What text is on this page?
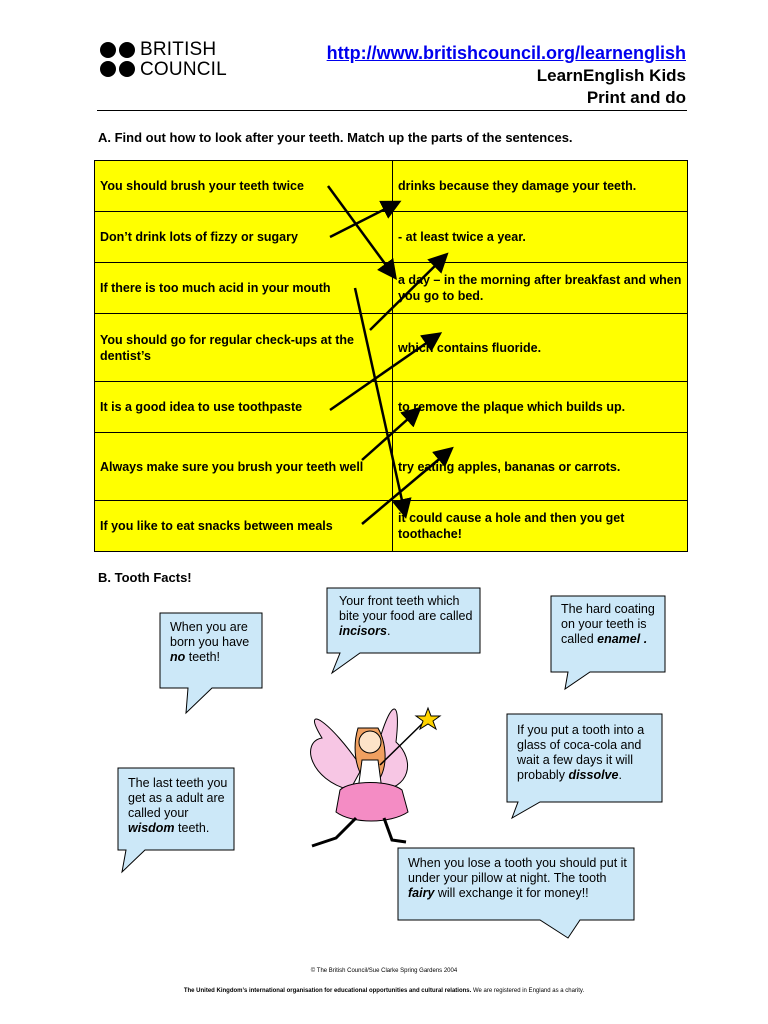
BRITISH
COUNCIL
http://www.britishcouncil.org/learnenglish
LearnEnglish Kids
Print and do
A. Find out how to look after your teeth. Match up the parts of the sentences.
You should brush your teeth twice	drinks because they damage your teeth.
Don’t drink lots of fizzy or sugary	- at least twice a year.
If there is too much acid in your mouth	a day – in the morning after breakfast and when you go to bed.
You should go for regular check-ups at the dentist’s	which contains fluoride.
It is a good idea to use toothpaste	to remove the plaque which builds up.
Always make sure you brush your teeth well	try eating apples, bananas or carrots.
If you like to eat snacks between meals	it could cause a hole and then you get toothache!
B. Tooth Facts!
When you are born you have no teeth!
Your front teeth which bite your food are called incisors.
The hard coating on your teeth is called enamel .
If you put a tooth into a glass of coca-cola and wait a few days it will probably dissolve.
The last teeth you get as a adult are called your wisdom teeth.
When you lose a tooth you should put it under your pillow at night. The tooth fairy will exchange it for money!!
© The British Council/Sue Clarke Spring Gardens 2004
The United Kingdom’s international organisation for educational opportunities and cultural relations. We are registered in England as a charity.
